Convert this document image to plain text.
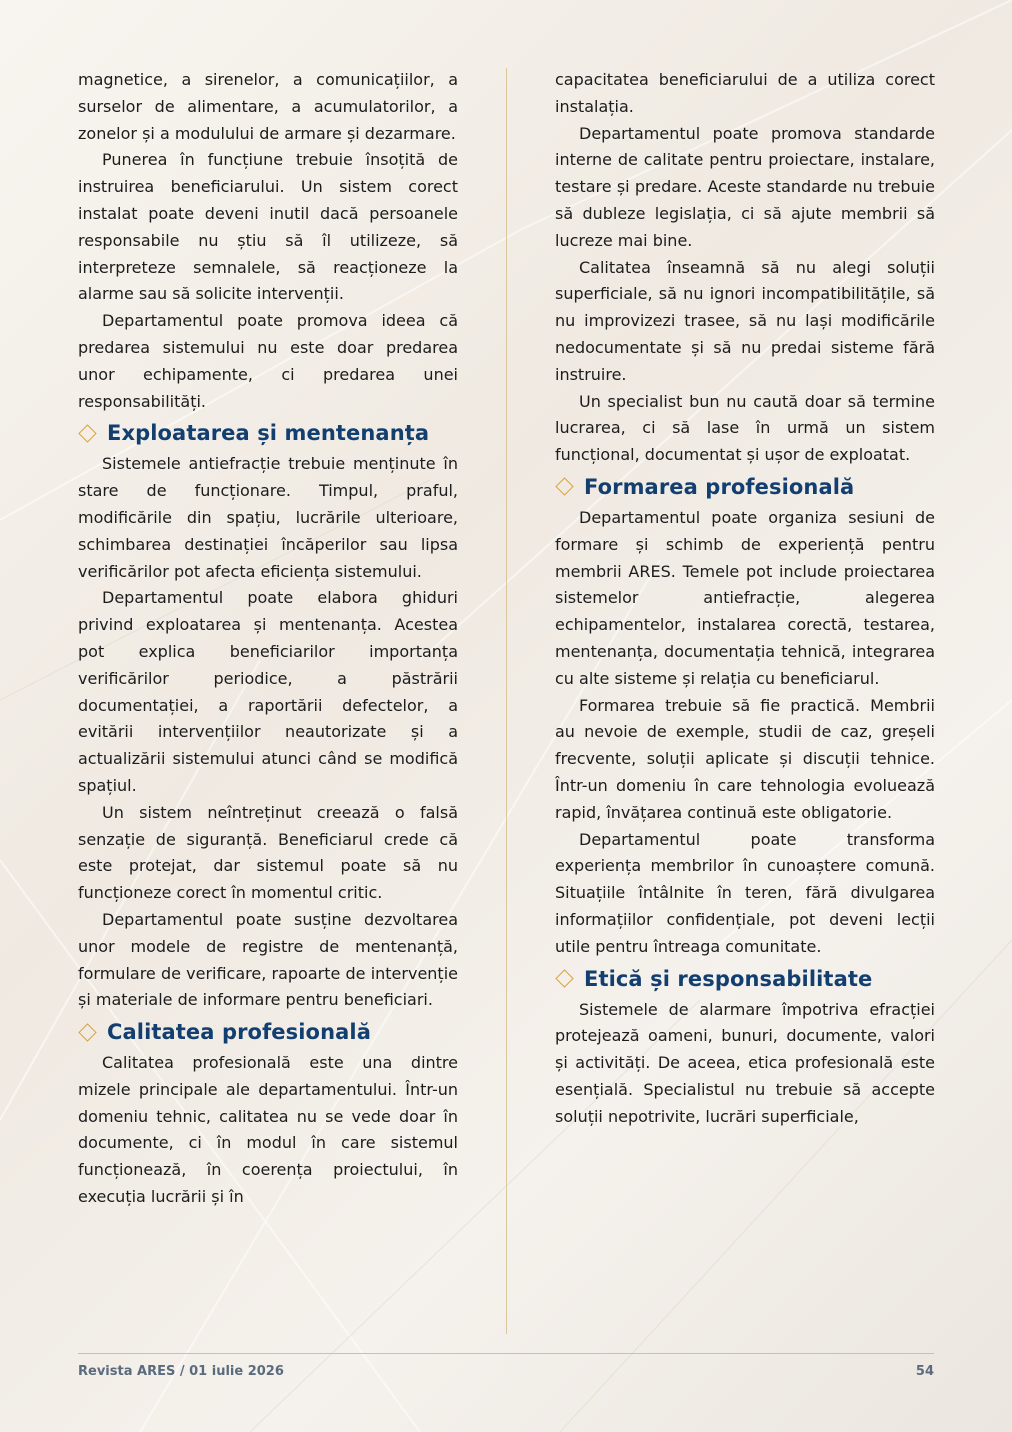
magnetice, a sirenelor, a comunicațiilor, a surselor de alimentare, a acumulatorilor, a zonelor și a modulului de armare și dezarmare.

Punerea în funcțiune trebuie însoțită de instruirea beneficiarului. Un sistem corect instalat poate deveni inutil dacă persoanele responsabile nu știu să îl utilizeze, să interpreteze semnalele, să reacționeze la alarme sau să solicite intervenții.

Departamentul poate promova ideea că predarea sistemului nu este doar predarea unor echipamente, ci predarea unei responsabilități.

Exploatarea și mentenanța

Sistemele antiefracție trebuie menținute în stare de funcționare. Timpul, praful, modificările din spațiu, lucrările ulterioare, schimbarea destinației încăperilor sau lipsa verificărilor pot afecta eficiența sistemului.

Departamentul poate elabora ghiduri privind exploatarea și mentenanța. Acestea pot explica beneficiarilor importanța verificărilor periodice, a păstrării documentației, a raportării defectelor, a evitării intervențiilor neautorizate și a actualizării sistemului atunci când se modifică spațiul.

Un sistem neîntreținut creează o falsă senzație de siguranță. Beneficiarul crede că este protejat, dar sistemul poate să nu funcționeze corect în momentul critic.

Departamentul poate susține dezvoltarea unor modele de registre de mentenanță, formulare de verificare, rapoarte de intervenție și materiale de informare pentru beneficiari.

Calitatea profesională

Calitatea profesională este una dintre mizele principale ale departamentului. Într-un domeniu tehnic, calitatea nu se vede doar în documente, ci în modul în care sistemul funcționează, în coerența proiectului, în execuția lucrării și în

capacitatea beneficiarului de a utiliza corect instalația.

Departamentul poate promova standarde interne de calitate pentru proiectare, instalare, testare și predare. Aceste standarde nu trebuie să dubleze legislația, ci să ajute membrii să lucreze mai bine.

Calitatea înseamnă să nu alegi soluții superficiale, să nu ignori incompatibilitățile, să nu improvizezi trasee, să nu lași modificările nedocumentate și să nu predai sisteme fără instruire.

Un specialist bun nu caută doar să termine lucrarea, ci să lase în urmă un sistem funcțional, documentat și ușor de exploatat.

Formarea profesională

Departamentul poate organiza sesiuni de formare și schimb de experiență pentru membrii ARES. Temele pot include proiectarea sistemelor antiefracție, alegerea echipamentelor, instalarea corectă, testarea, mentenanța, documentația tehnică, integrarea cu alte sisteme și relația cu beneficiarul.

Formarea trebuie să fie practică. Membrii au nevoie de exemple, studii de caz, greșeli frecvente, soluții aplicate și discuții tehnice. Într-un domeniu în care tehnologia evoluează rapid, învățarea continuă este obligatorie.

Departamentul poate transforma experiența membrilor în cunoaștere comună. Situațiile întâlnite în teren, fără divulgarea informațiilor confidențiale, pot deveni lecții utile pentru întreaga comunitate.

Etică și responsabilitate

Sistemele de alarmare împotriva efracției protejează oameni, bunuri, documente, valori și activități. De aceea, etica profesională este esențială. Specialistul nu trebuie să accepte soluții nepotrivite, lucrări superficiale,

Revista ARES / 01 iulie 2026	54
